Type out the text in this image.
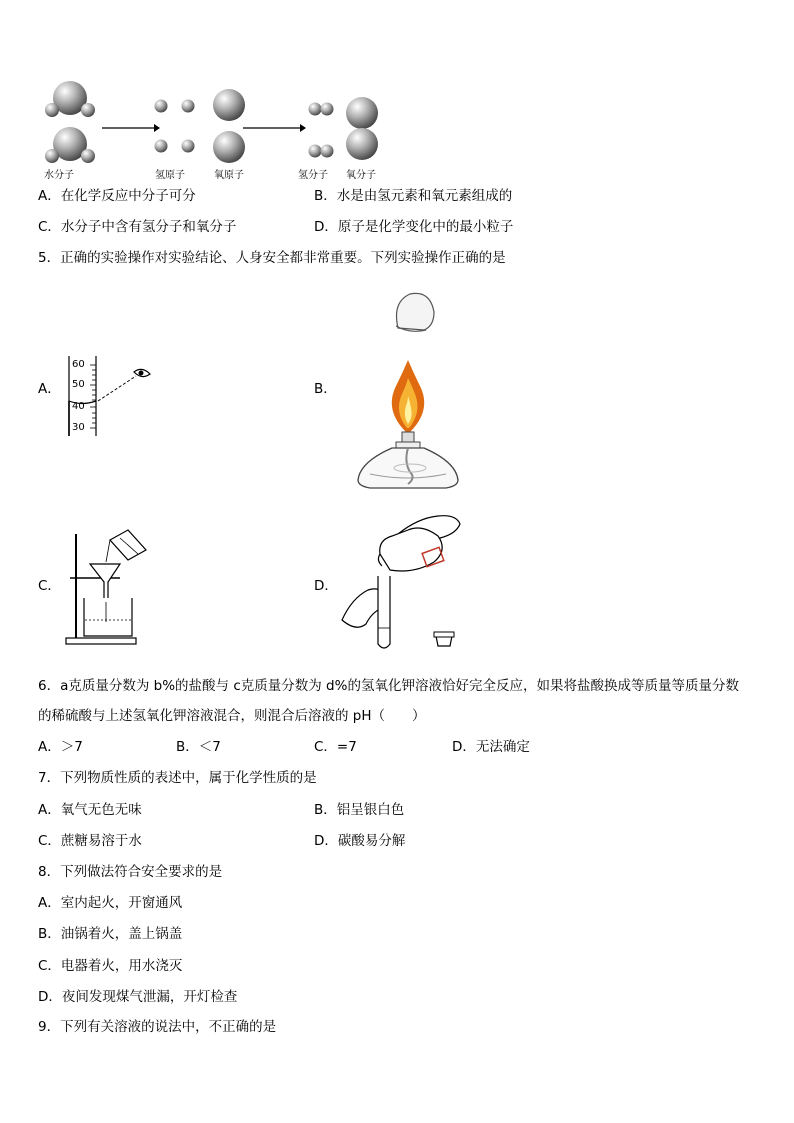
水分子	氢原子	氧原子	氢分子 氧分子
A．在化学反应中分子可分	B．水是由氢元素和氧元素组成的
C．水分子中含有氢分子和氧分子	D．原子是化学变化中的最小粒子
5．正确的实验操作对实验结论、人身安全都非常重要。下列实验操作正确的是
A．
60
50
40
30
B．
C．	D．
6．a克质量分数为 b%的盐酸与 c克质量分数为 d%的氢氧化钾溶液恰好完全反应，如果将盐酸换成等质量等质量分数
的稀硫酸与上述氢氧化钾溶液混合，则混合后溶液的 pH（　　）
A．＞7	B．＜7	C．=7	D．无法确定
7．下列物质性质的表述中，属于化学性质的是
A．氧气无色无味	B．铝呈银白色
C．蔗糖易溶于水	D．碳酸易分解
8．下列做法符合安全要求的是
A．室内起火，开窗通风
B．油锅着火，盖上锅盖
C．电器着火，用水浇灭
D．夜间发现煤气泄漏，开灯检查
9．下列有关溶液的说法中，不正确的是
